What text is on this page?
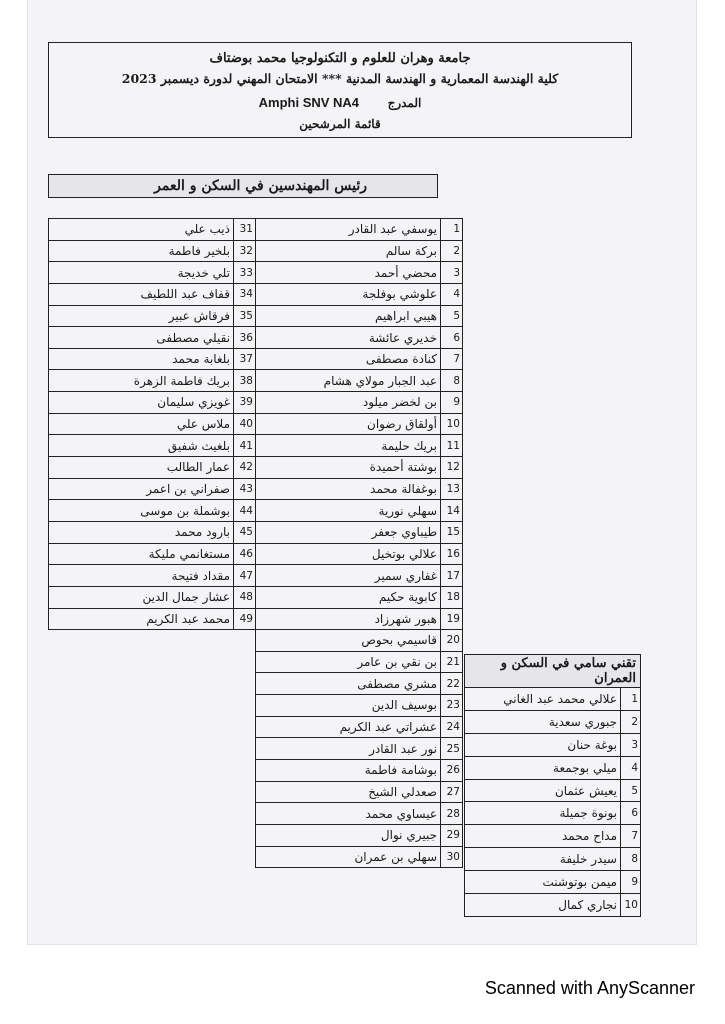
جامعة وهران للعلوم و التكنولوجيا محمد بوضتاف
كلية الهندسة المعمارية و الهندسة المدنية *** الامتحان المهني لدورة ديسمبر 2023
Amphi SNV NA4 المدرج
قائمة المرشحين
رئيس المهندسين في السكن و العمر
1	يوسفي عبد القادر	31	ذيب علي
2	بركة سالم	32	بلخير فاطمة
3	محضي أحمد	33	تلي خديجة
4	علوشي بوفلجة	34	قفاف عبد اللطيف
5	هيبي ابراهيم	35	فرقاش عبير
6	خديري عائشة	36	نقيلي مصطفى
7	كنادة مصطفى	37	بلغابة محمد
8	عبد الجبار مولاي هشام	38	بريك فاطمة الزهرة
9	بن لخضر ميلود	39	غويزي سليمان
10	أولقاق رضوان	40	ملاس علي
11	بريك حليمة	41	بلغيث شفيق
12	بوشتة أحميدة	42	عمار الطالب
13	بوغفالة محمد	43	صفراني بن اعمر
14	سهلي نورية	44	بوشملة بن موسى
15	طيباوي جعفر	45	بارود محمد
16	علالي بوتخيل	46	مستغانمي مليكة
17	غفاري سمير	47	مقداد فتيحة
18	كابوية حكيم	48	عشار جمال الدين
19	هبور شهرزاد	49	محمد عبد الكريم
20	قاسيمي بحوص		
21	بن نقي بن عامر		
22	مشري مصطفى		
23	بوسيف الدين		
24	عشراتي عبد الكريم		
25	نور عبد القادر		
26	بوشامة فاطمة		
27	صعدلي الشيخ		
28	عيساوي محمد		
29	جبيري نوال		
30	سهلي بن عمران		
تقني سامي في السكن و العمران	
1	علالي محمد عبد الغاني
2	جبوري سعدية
3	بوغة حنان
4	ميلي بوجمعة
5	يعيش عثمان
6	بونوة جميلة
7	مداح محمد
8	سيدر خليفة
9	ميمن بوتوشنت
10	نجاري كمال
Scanned with AnyScanner
